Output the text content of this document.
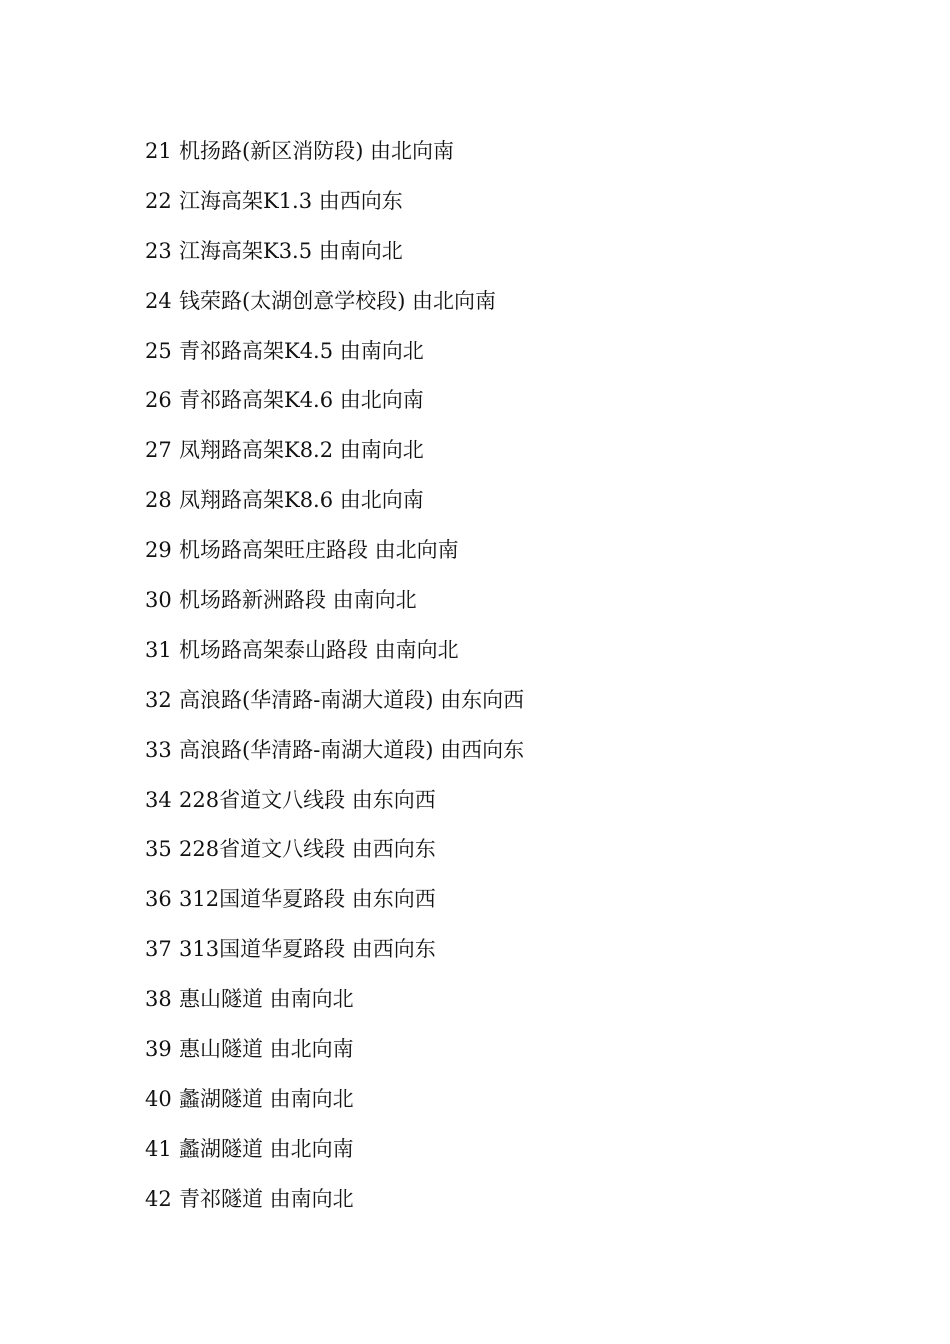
21 机扬路(新区消防段) 由北向南
22 江海高架K1.3 由西向东
23 江海高架K3.5 由南向北
24 钱荣路(太湖创意学校段) 由北向南
25 青祁路高架K4.5 由南向北
26 青祁路高架K4.6 由北向南
27 凤翔路高架K8.2 由南向北
28 凤翔路高架K8.6 由北向南
29 机场路高架旺庄路段 由北向南
30 机场路新洲路段 由南向北
31 机场路高架泰山路段 由南向北
32 高浪路(华清路-南湖大道段) 由东向西
33 高浪路(华清路-南湖大道段) 由西向东
34 228省道文八线段 由东向西
35 228省道文八线段 由西向东
36 312国道华夏路段 由东向西
37 313国道华夏路段 由西向东
38 惠山隧道 由南向北
39 惠山隧道 由北向南
40 蠡湖隧道 由南向北
41 蠡湖隧道 由北向南
42 青祁隧道 由南向北
